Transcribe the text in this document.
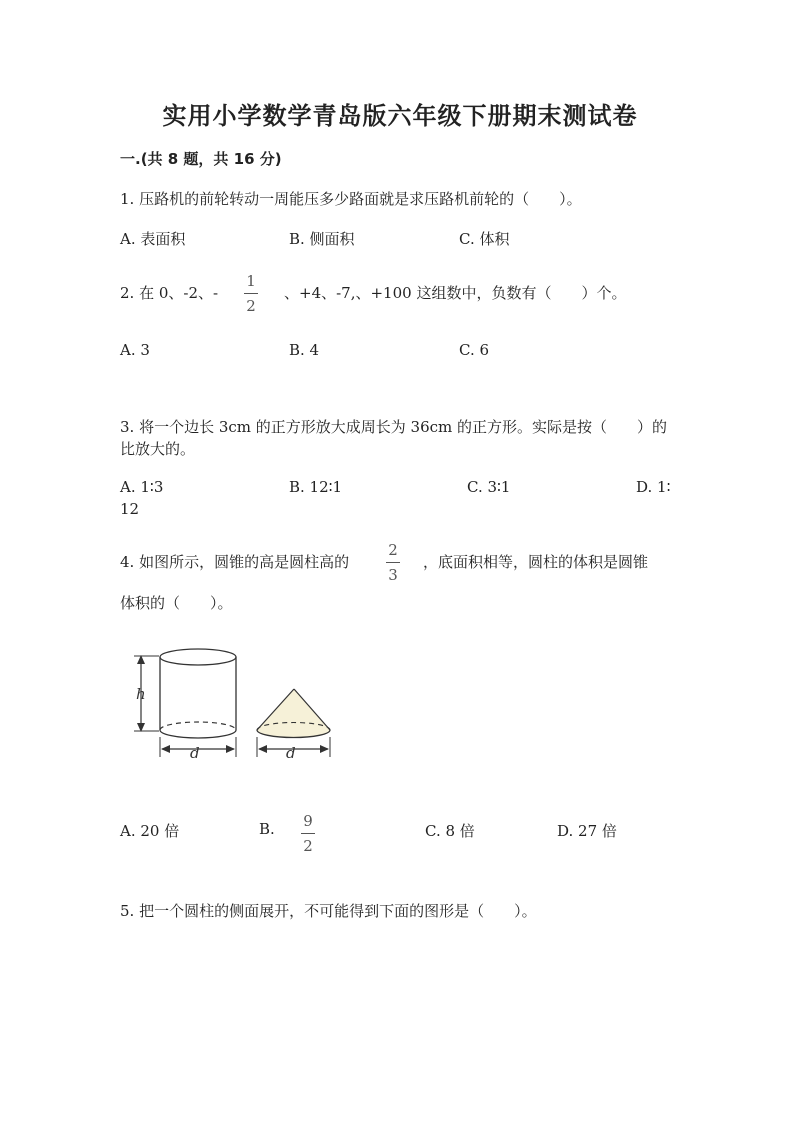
实用小学数学青岛版六年级下册期末测试卷
一.(共 8 题，共 16 分)
1. 压路机的前轮转动一周能压多少路面就是求压路机前轮的（　　）。
A. 表面积	B. 侧面积	C. 体积
2. 在 0、-2、-
1
2
、+4、-7,、+100 这组数中，负数有（　　）个。
A. 3	B. 4	C. 6
3. 将一个边长 3cm 的正方形放大成周长为 36cm 的正方形。实际是按（　　）的
比放大的。
A. 1∶3	B. 12∶1	C. 3∶1	D. 1∶
12
4. 如图所示，圆锥的高是圆柱高的
2
3
，底面积相等，圆柱的体积是圆锥
体积的（　　）。
h
d	d
A. 20 倍	B. 9
2
C. 8 倍	D. 27 倍
5. 把一个圆柱的侧面展开，不可能得到下面的图形是（　　）。
